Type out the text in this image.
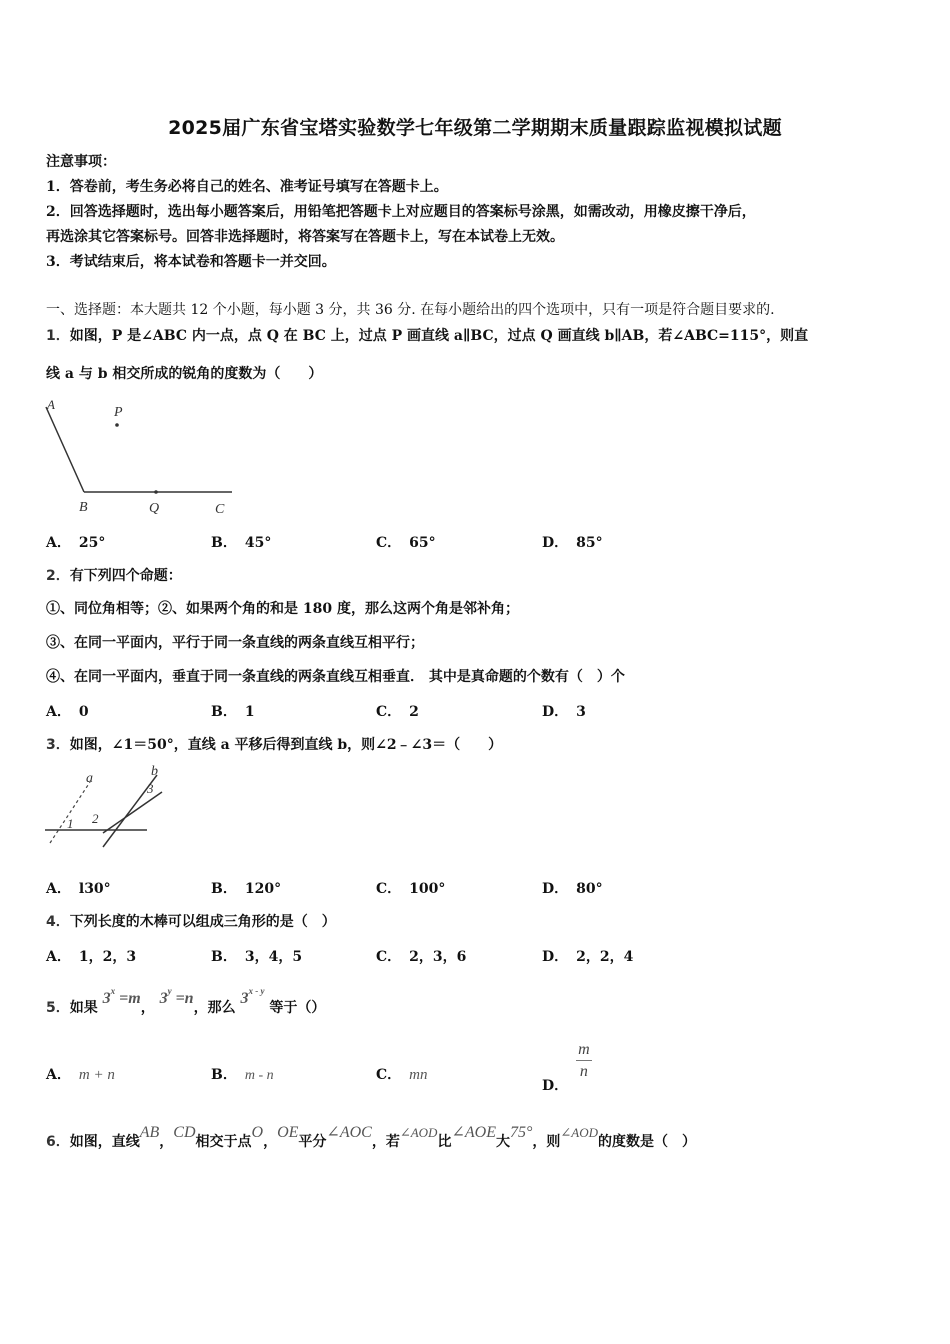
2025届广东省宝塔实验数学七年级第二学期期末质量跟踪监视模拟试题
注意事项：
1．答卷前，考生务必将自己的姓名、准考证号填写在答题卡上。
2．回答选择题时，选出每小题答案后，用铅笔把答题卡上对应题目的答案标号涂黑，如需改动，用橡皮擦干净后，
再选涂其它答案标号。回答非选择题时，将答案写在答题卡上，写在本试卷上无效。
3．考试结束后，将本试卷和答题卡一并交回。
一、选择题：本大题共 12 个小题，每小题 3 分，共 36 分. 在每小题给出的四个选项中，只有一项是符合题目要求的.
1．如图，P 是∠ABC 内一点，点 Q 在 BC 上，过点 P 画直线 a∥BC，过点 Q 画直线 b∥AB，若∠ABC=115°，则直
线 a 与 b 相交所成的锐角的度数为（　　）
A
P
B	Q	C
A． 25°	B． 45°	C． 65°	D． 85°
2．有下列四个命题：
①、同位角相等；②、如果两个角的和是 180 度，那么这两个角是邻补角；
③、在同一平面内，平行于同一条直线的两条直线互相平行；
④、在同一平面内，垂直于同一条直线的两条直线互相垂直． 其中是真命题的个数有（　）个
A． 0	B． 1	C． 2	D． 3
3．如图，∠1＝50°，直线 a 平移后得到直线 b，则∠2﹣∠3＝（　　）
a	b
1 2
3
A． l30°	B． 120°	C． 100°	D． 80°
4．下列长度的木棒可以组成三角形的是（　）
A． 1，2，3	B． 3，4，5	C． 2，3，6	D． 2，2，4
5．如果 $3^x =m$， $3^y =n$，那么 3$^{x - y}$ 等于（）
A． m + n	B． m - n	C． mn
D．
$\frac{m}{n}$
6．如图，直线AB，CD相交于点O，OE平分∠AOC，若∠AOD比∠AOE大75°，则∠AOD的度数是（　）
